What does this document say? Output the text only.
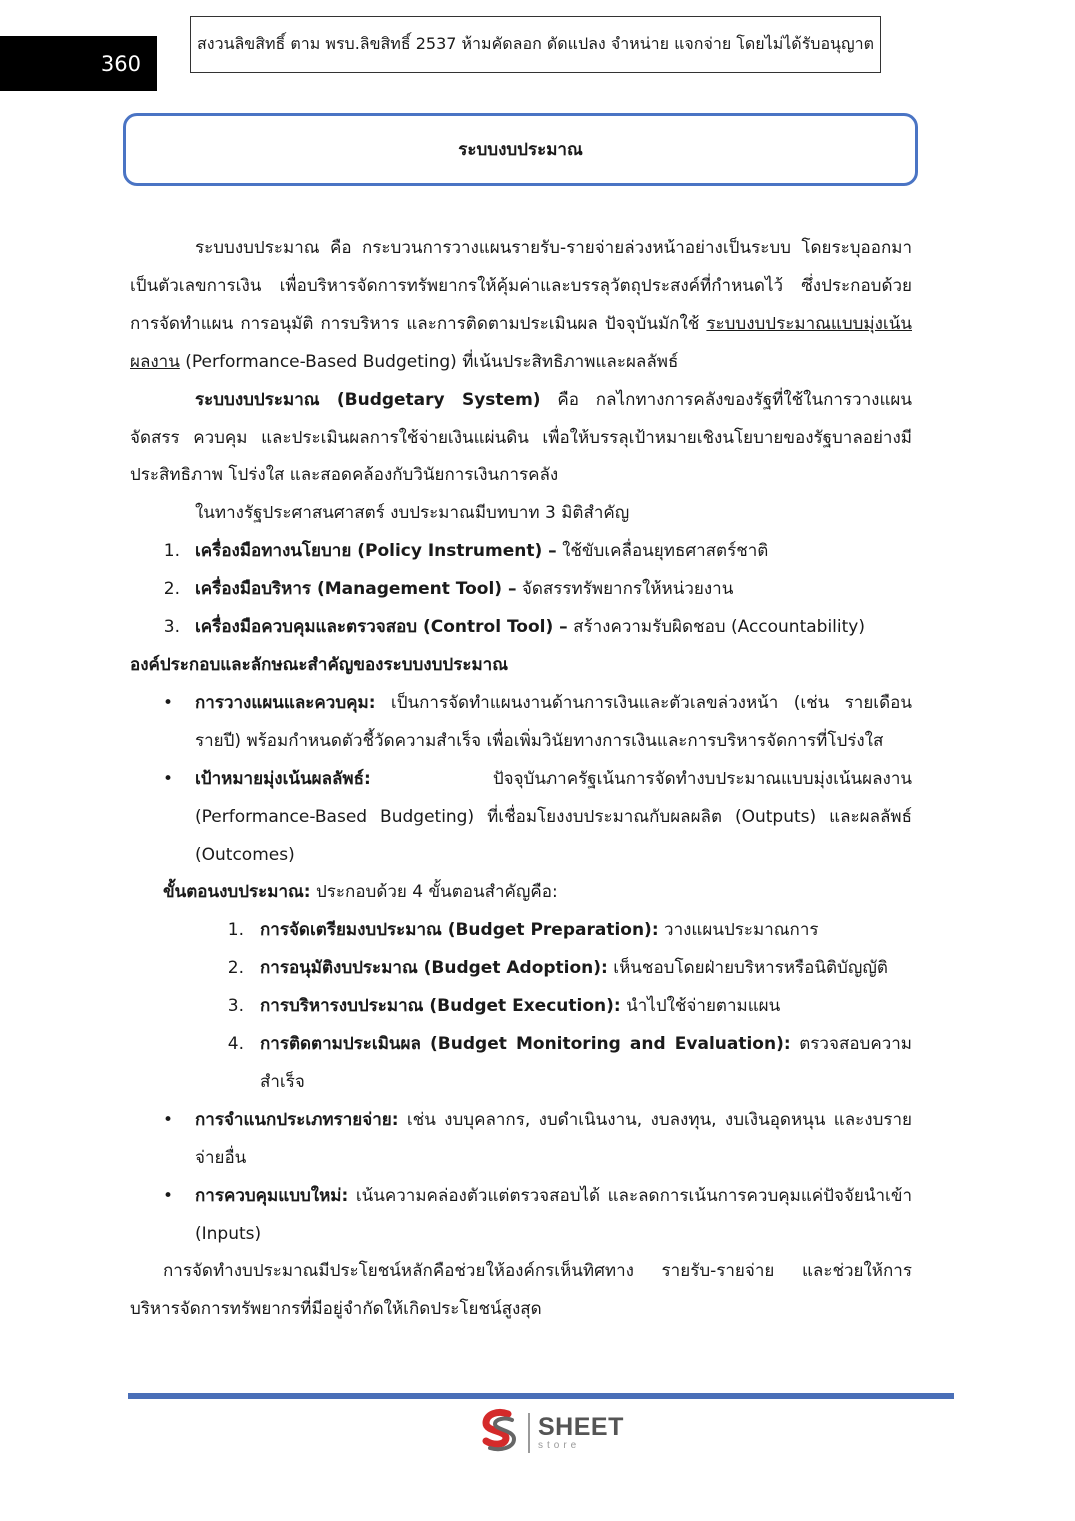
360
สงวนลิขสิทธิ์ ตาม พรบ.ลิขสิทธิ์ 2537 ห้ามคัดลอก ดัดแปลง จำหน่าย แจกจ่าย โดยไม่ได้รับอนุญาต
ระบบงบประมาณ

ระบบงบประมาณ คือ กระบวนการวางแผนรายรับ-รายจ่ายล่วงหน้าอย่างเป็นระบบ โดยระบุออกมาเป็นตัวเลขการเงิน เพื่อบริหารจัดการทรัพยากรให้คุ้มค่าและบรรลุวัตถุประสงค์ที่กำหนดไว้ ซึ่งประกอบด้วยการจัดทำแผน การอนุมัติ การบริหาร และการติดตามประเมินผล ปัจจุบันมักใช้ ระบบงบประมาณแบบมุ่งเน้นผลงาน (Performance-Based Budgeting) ที่เน้นประสิทธิภาพและผลลัพธ์

ระบบงบประมาณ (Budgetary System) คือ กลไกทางการคลังของรัฐที่ใช้ในการวางแผนจัดสรร ควบคุม และประเมินผลการใช้จ่ายเงินแผ่นดิน เพื่อให้บรรลุเป้าหมายเชิงนโยบายของรัฐบาลอย่างมีประสิทธิภาพ โปร่งใส และสอดคล้องกับวินัยการเงินการคลัง

ในทางรัฐประศาสนศาสตร์ งบประมาณมีบทบาท 3 มิติสำคัญ

1. เครื่องมือทางนโยบาย (Policy Instrument) – ใช้ขับเคลื่อนยุทธศาสตร์ชาติ
2. เครื่องมือบริหาร (Management Tool) – จัดสรรทรัพยากรให้หน่วยงาน
3. เครื่องมือควบคุมและตรวจสอบ (Control Tool) – สร้างความรับผิดชอบ (Accountability)

องค์ประกอบและลักษณะสำคัญของระบบงบประมาณ

• การวางแผนและควบคุม: เป็นการจัดทำแผนงานด้านการเงินและตัวเลขล่วงหน้า (เช่น รายเดือน รายปี) พร้อมกำหนดตัวชี้วัดความสำเร็จ เพื่อเพิ่มวินัยทางการเงินและการบริหารจัดการที่โปร่งใส
• เป้าหมายมุ่งเน้นผลลัพธ์: ปัจจุบันภาครัฐเน้นการจัดทำงบประมาณแบบมุ่งเน้นผลงาน (Performance-Based Budgeting) ที่เชื่อมโยงงบประมาณกับผลผลิต (Outputs) และผลลัพธ์ (Outcomes)

ขั้นตอนงบประมาณ: ประกอบด้วย 4 ขั้นตอนสำคัญคือ:

1. การจัดเตรียมงบประมาณ (Budget Preparation): วางแผนประมาณการ
2. การอนุมัติงบประมาณ (Budget Adoption): เห็นชอบโดยฝ่ายบริหารหรือนิติบัญญัติ
3. การบริหารงบประมาณ (Budget Execution): นำไปใช้จ่ายตามแผน
4. การติดตามประเมินผล (Budget Monitoring and Evaluation): ตรวจสอบความสำเร็จ
• การจำแนกประเภทรายจ่าย: เช่น งบบุคลากร, งบดำเนินงาน, งบลงทุน, งบเงินอุดหนุน และงบรายจ่ายอื่น
• การควบคุมแบบใหม่: เน้นความคล่องตัวแต่ตรวจสอบได้ และลดการเน้นการควบคุมแค่ปัจจัยนำเข้า (Inputs)

การจัดทำงบประมาณมีประโยชน์หลักคือช่วยให้องค์กรเห็นทิศทาง รายรับ-รายจ่าย และช่วยให้การบริหารจัดการทรัพยากรที่มีอยู่จำกัดให้เกิดประโยชน์สูงสุด

SHEET
store
